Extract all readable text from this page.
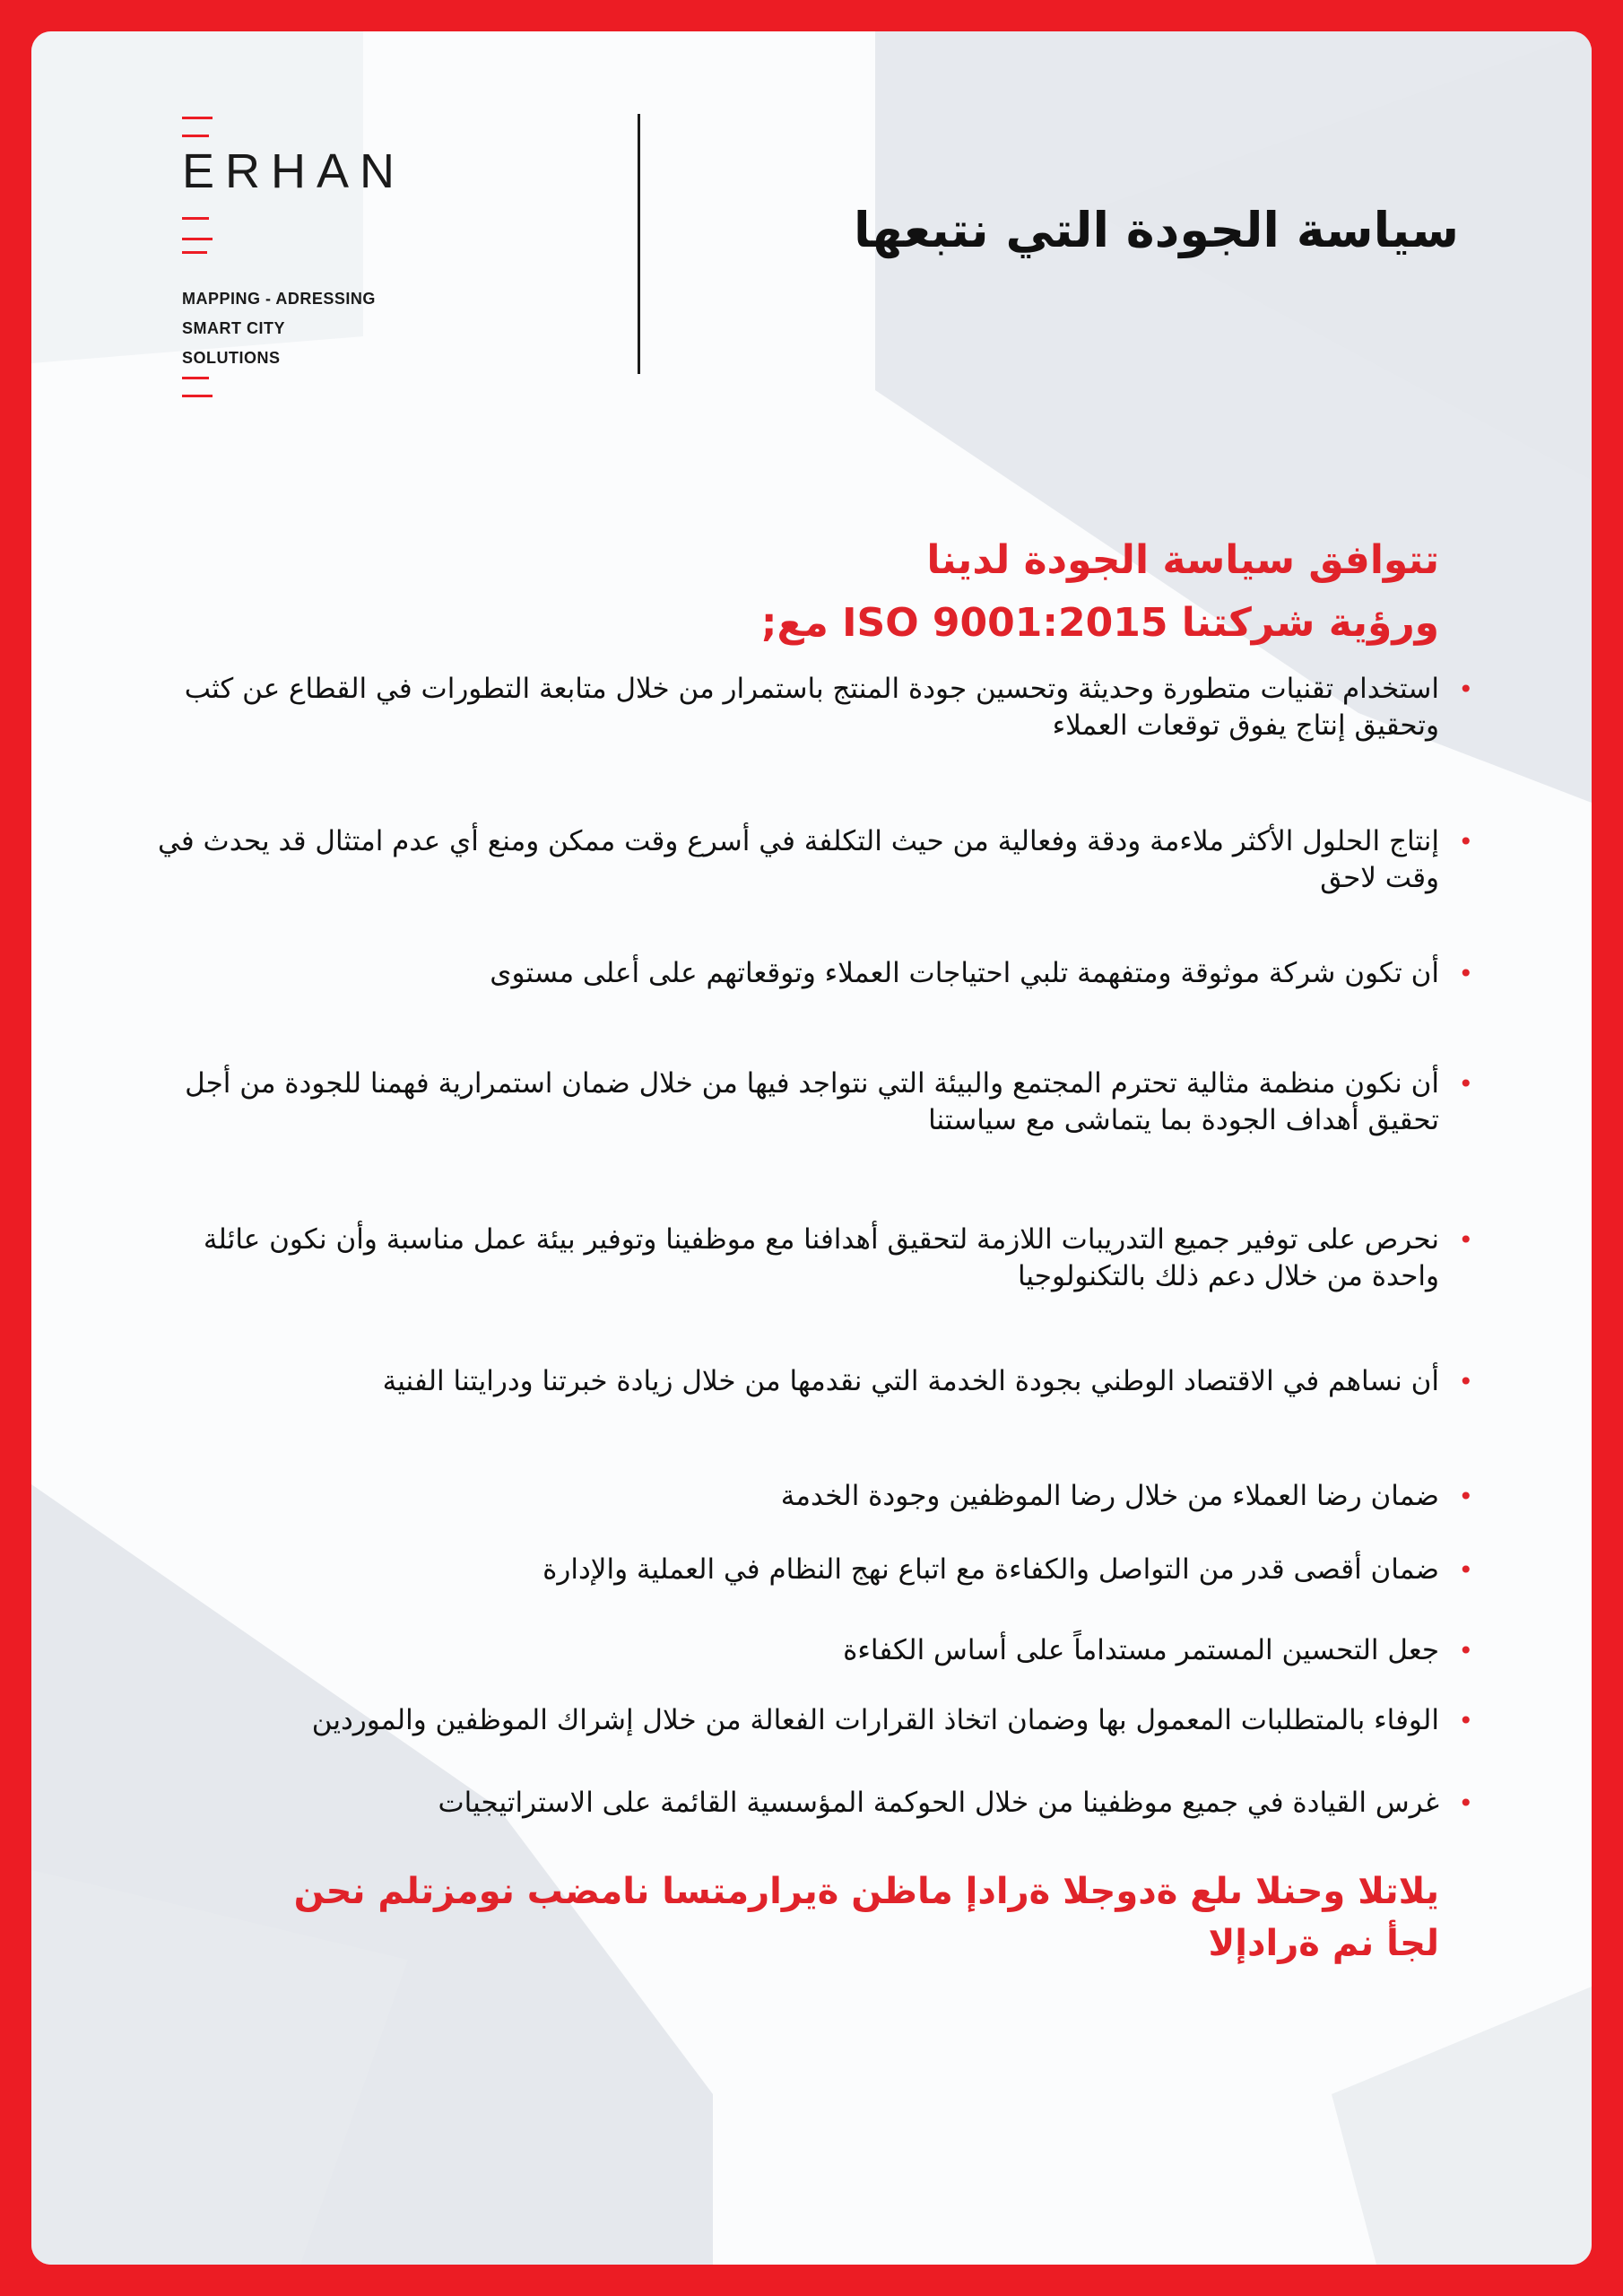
ERHAN
MAPPING - ADRESSING
SMART CITY
SOLUTIONS
سياسة الجودة التي نتبعها
تتوافق سياسة الجودة لدينا
ورؤية شركتنا ISO 9001:2015 مع;
•
استخدام تقنيات متطورة وحديثة وتحسين جودة المنتج باستمرار من خلال متابعة التطورات في القطاع عن كثب
وتحقيق إنتاج يفوق توقعات العملاء
•
إنتاج الحلول الأكثر ملاءمة ودقة وفعالية من حيث التكلفة في أسرع وقت ممكن ومنع أي عدم امتثال قد يحدث في
وقت لاحق
•
أن تكون شركة موثوقة ومتفهمة تلبي احتياجات العملاء وتوقعاتهم على أعلى مستوى
•
أن نكون منظمة مثالية تحترم المجتمع والبيئة التي نتواجد فيها من خلال ضمان استمرارية فهمنا للجودة من أجل
تحقيق أهداف الجودة بما يتماشى مع سياستنا
•
نحرص على توفير جميع التدريبات اللازمة لتحقيق أهدافنا مع موظفينا وتوفير بيئة عمل مناسبة وأن نكون عائلة
واحدة من خلال دعم ذلك بالتكنولوجيا
•
أن نساهم في الاقتصاد الوطني بجودة الخدمة التي نقدمها من خلال زيادة خبرتنا ودرايتنا الفنية
•
ضمان رضا العملاء من خلال رضا الموظفين وجودة الخدمة
•
ضمان أقصى قدر من التواصل والكفاءة مع اتباع نهج النظام في العملية والإدارة
•
جعل التحسين المستمر مستداماً على أساس الكفاءة
•
الوفاء بالمتطلبات المعمول بها وضمان اتخاذ القرارات الفعالة من خلال إشراك الموظفين والموردين
•
غرس القيادة في جميع موظفينا من خلال الحوكمة المؤسسية القائمة على الاستراتيجيات
يلاتلا وحنلا ىلع ةدوجلا ةرادإ ماظن ةيرارمتسا نامضب نومزتلم نحن
لجأ نم ةرادإلا
